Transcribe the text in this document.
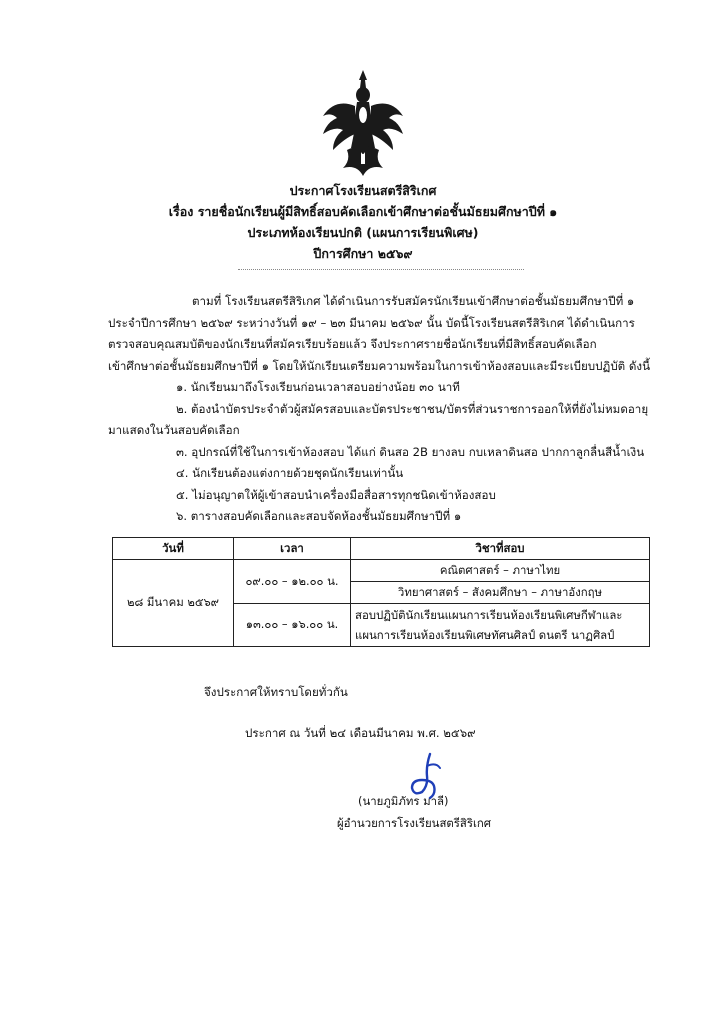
ประกาศโรงเรียนสตรีสิริเกศ
เรื่อง รายชื่อนักเรียนผู้มีสิทธิ์สอบคัดเลือกเข้าศึกษาต่อชั้นมัธยมศึกษาปีที่ ๑
ประเภทห้องเรียนปกติ (แผนการเรียนพิเศษ)
ปีการศึกษา ๒๕๖๙
ตามที่ โรงเรียนสตรีสิริเกศ ได้ดำเนินการรับสมัครนักเรียนเข้าศึกษาต่อชั้นมัธยมศึกษาปีที่ ๑
ประจำปีการศึกษา ๒๕๖๙ ระหว่างวันที่ ๑๙ – ๒๓ มีนาคม ๒๕๖๙ นั้น บัดนี้โรงเรียนสตรีสิริเกศ ได้ดำเนินการ
ตรวจสอบคุณสมบัติของนักเรียนที่สมัครเรียบร้อยแล้ว จึงประกาศรายชื่อนักเรียนที่มีสิทธิ์สอบคัดเลือก
เข้าศึกษาต่อชั้นมัธยมศึกษาปีที่ ๑ โดยให้นักเรียนเตรียมความพร้อมในการเข้าห้องสอบและมีระเบียบปฏิบัติ ดังนี้
๑. นักเรียนมาถึงโรงเรียนก่อนเวลาสอบอย่างน้อย ๓๐ นาที
๒. ต้องนำบัตรประจำตัวผู้สมัครสอบและบัตรประชาชน/บัตรที่ส่วนราชการออกให้ที่ยังไม่หมดอายุ
มาแสดงในวันสอบคัดเลือก
๓. อุปกรณ์ที่ใช้ในการเข้าห้องสอบ ได้แก่ ดินสอ 2B ยางลบ กบเหลาดินสอ ปากกาลูกลื่นสีน้ำเงิน
๔. นักเรียนต้องแต่งกายด้วยชุดนักเรียนเท่านั้น
๕. ไม่อนุญาตให้ผู้เข้าสอบนำเครื่องมือสื่อสารทุกชนิดเข้าห้องสอบ
๖. ตารางสอบคัดเลือกและสอบจัดห้องชั้นมัธยมศึกษาปีที่ ๑
วันที่	เวลา	วิชาที่สอบ
๒๘ มีนาคม ๒๕๖๙	๐๙.๐๐ – ๑๒.๐๐ น.	คณิตศาสตร์ – ภาษาไทย
		วิทยาศาสตร์ – สังคมศึกษา – ภาษาอังกฤษ
	๑๓.๐๐ – ๑๖.๐๐ น.	สอบปฏิบัตินักเรียนแผนการเรียนห้องเรียนพิเศษกีฬาและ
แผนการเรียนห้องเรียนพิเศษทัศนศิลป์ ดนตรี นาฏศิลป์
จึงประกาศให้ทราบโดยทั่วกัน
ประกาศ ณ วันที่ ๒๔ เดือนมีนาคม พ.ศ. ๒๕๖๙
(นายภูมิภัทร มาลี)
ผู้อำนวยการโรงเรียนสตรีสิริเกศ
